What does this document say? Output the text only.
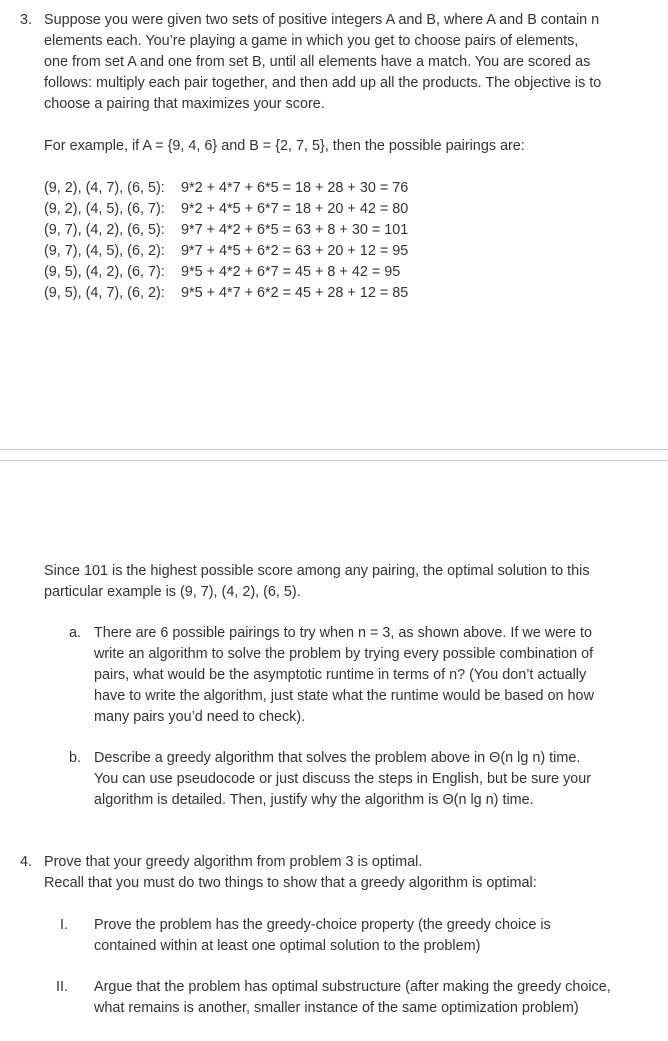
3. Suppose you were given two sets of positive integers A and B, where A and B contain n
elements each. You’re playing a game in which you get to choose pairs of elements,
one from set A and one from set B, until all elements have a match. You are scored as
follows: multiply each pair together, and then add up all the products. The objective is to
choose a pairing that maximizes your score.
For example, if A = {9, 4, 6} and B = {2, 7, 5}, then the possible pairings are:
(9, 2), (4, 7), (6, 5): 9*2 + 4*7 + 6*5 = 18 + 28 + 30 = 76
(9, 2), (4, 5), (6, 7): 9*2 + 4*5 + 6*7 = 18 + 20 + 42 = 80
(9, 7), (4, 2), (6, 5): 9*7 + 4*2 + 6*5 = 63 + 8 + 30 = 101
(9, 7), (4, 5), (6, 2): 9*7 + 4*5 + 6*2 = 63 + 20 + 12 = 95
(9, 5), (4, 2), (6, 7): 9*5 + 4*2 + 6*7 = 45 + 8 + 42 = 95
(9, 5), (4, 7), (6, 2): 9*5 + 4*7 + 6*2 = 45 + 28 + 12 = 85
Since 101 is the highest possible score among any pairing, the optimal solution to this
particular example is (9, 7), (4, 2), (6, 5).
a. There are 6 possible pairings to try when n = 3, as shown above. If we were to
write an algorithm to solve the problem by trying every possible combination of
pairs, what would be the asymptotic runtime in terms of n? (You don’t actually
have to write the algorithm, just state what the runtime would be based on how
many pairs you’d need to check).
b. Describe a greedy algorithm that solves the problem above in Θ(n lg n) time.
You can use pseudocode or just discuss the steps in English, but be sure your
algorithm is detailed. Then, justify why the algorithm is Θ(n lg n) time.
4. Prove that your greedy algorithm from problem 3 is optimal.
Recall that you must do two things to show that a greedy algorithm is optimal:
I. Prove the problem has the greedy-choice property (the greedy choice is
contained within at least one optimal solution to the problem)
II. Argue that the problem has optimal substructure (after making the greedy choice,
what remains is another, smaller instance of the same optimization problem)
